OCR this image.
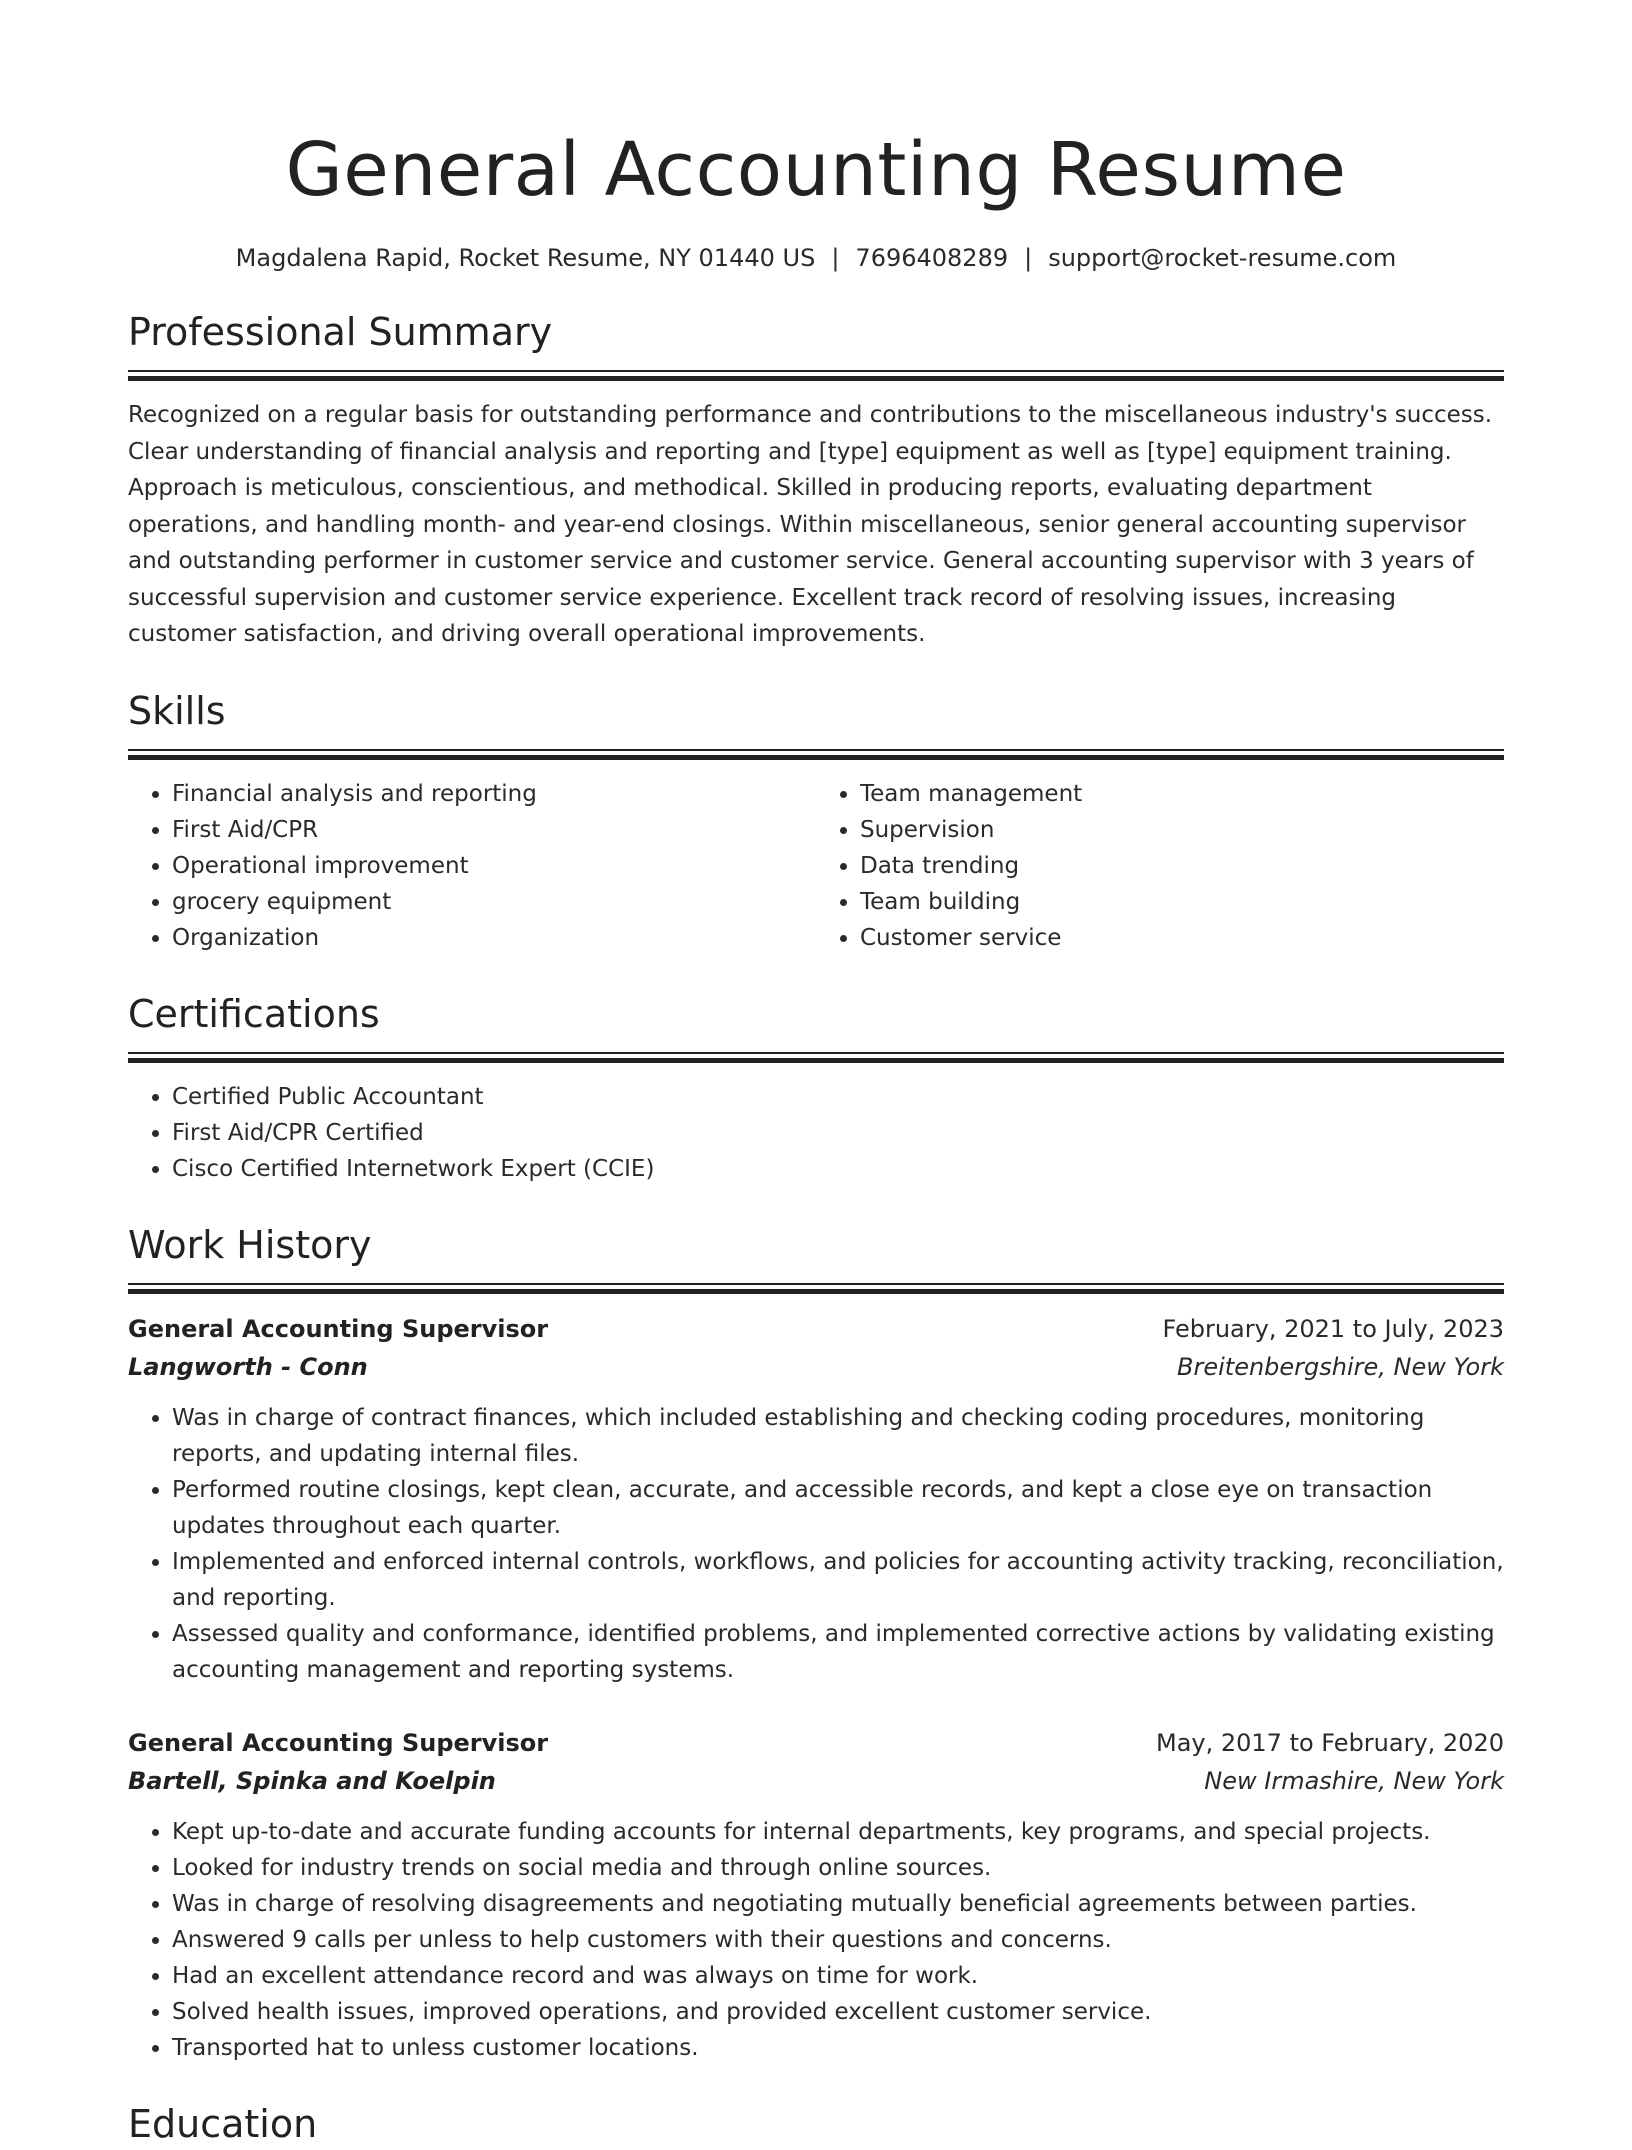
General Accounting Resume
Magdalena Rapid, Rocket Resume, NY 01440 US | 7696408289 | support@rocket-resume.com
Professional Summary

Recognized on a regular basis for outstanding performance and contributions to the miscellaneous industry's success. Clear understanding of financial analysis and reporting and [type] equipment as well as [type] equipment training. Approach is meticulous, conscientious, and methodical. Skilled in producing reports, evaluating department operations, and handling month- and year-end closings. Within miscellaneous, senior general accounting supervisor and outstanding performer in customer service and customer service. General accounting supervisor with 3 years of successful supervision and customer service experience. Excellent track record of resolving issues, increasing customer satisfaction, and driving overall operational improvements.

Skills
• Financial analysis and reporting
• First Aid/CPR
• Operational improvement
• grocery equipment
• Organization
• Team management
• Supervision
• Data trending
• Team building
• Customer service
Certifications
• Certified Public Accountant
• First Aid/CPR Certified
• Cisco Certified Internetwork Expert (CCIE)
Work History
General Accounting Supervisor	February, 2021 to July, 2023
Langworth - Conn	Breitenbergshire, New York
• Was in charge of contract finances, which included establishing and checking coding procedures, monitoring reports, and updating internal files.
• Performed routine closings, kept clean, accurate, and accessible records, and kept a close eye on transaction updates throughout each quarter.
• Implemented and enforced internal controls, workflows, and policies for accounting activity tracking, reconciliation, and reporting.
• Assessed quality and conformance, identified problems, and implemented corrective actions by validating existing accounting management and reporting systems.
General Accounting Supervisor	May, 2017 to February, 2020
Bartell, Spinka and Koelpin	New Irmashire, New York
• Kept up-to-date and accurate funding accounts for internal departments, key programs, and special projects.
• Looked for industry trends on social media and through online sources.
• Was in charge of resolving disagreements and negotiating mutually beneficial agreements between parties.
• Answered 9 calls per unless to help customers with their questions and concerns.
• Had an excellent attendance record and was always on time for work.
• Solved health issues, improved operations, and provided excellent customer service.
• Transported hat to unless customer locations.
Education
